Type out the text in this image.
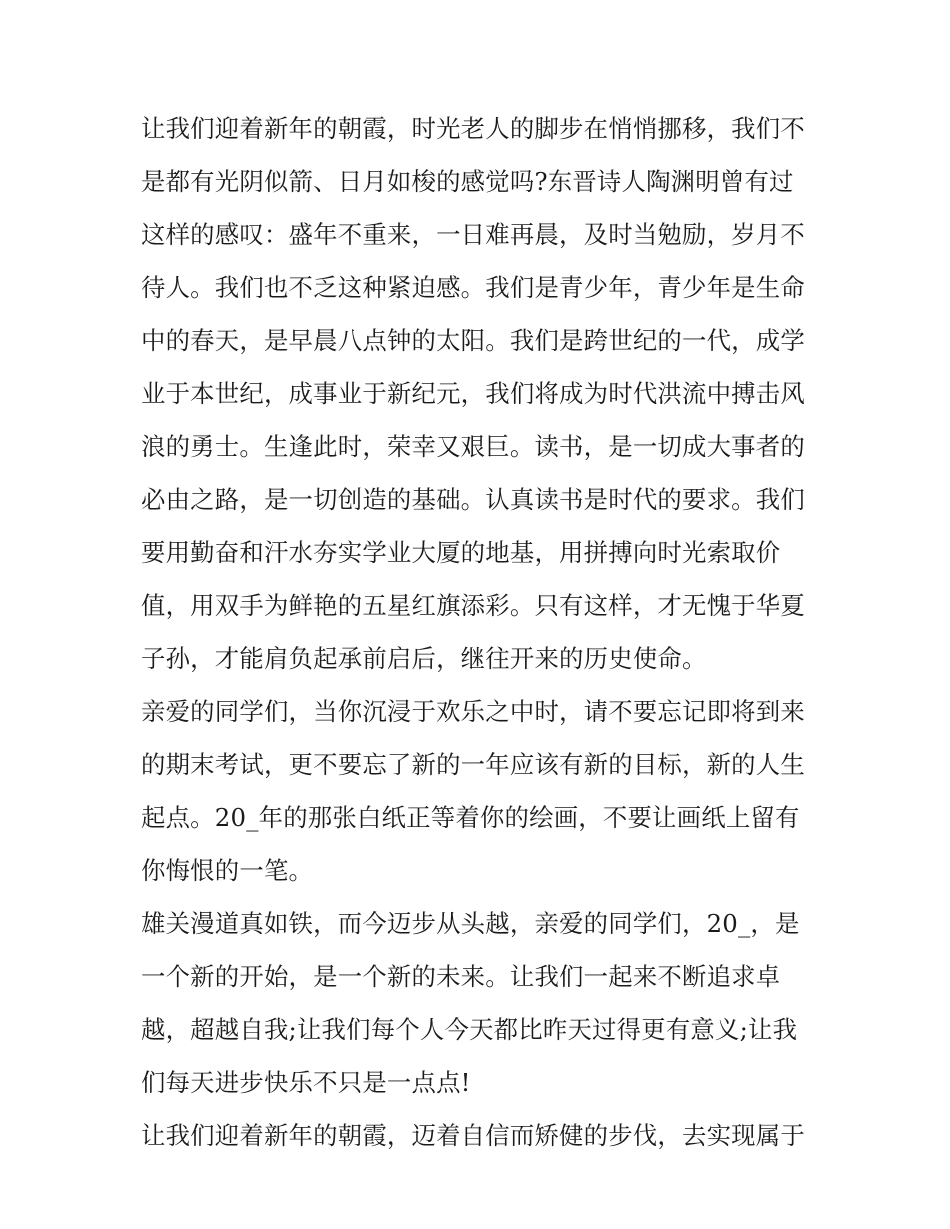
让我们迎着新年的朝霞，时光老人的脚步在悄悄挪移，我们不
是都有光阴似箭、日月如梭的感觉吗?东晋诗人陶渊明曾有过
这样的感叹：盛年不重来，一日难再晨，及时当勉励，岁月不
待人。我们也不乏这种紧迫感。我们是青少年，青少年是生命
中的春天，是早晨八点钟的太阳。我们是跨世纪的一代，成学
业于本世纪，成事业于新纪元，我们将成为时代洪流中搏击风
浪的勇士。生逢此时，荣幸又艰巨。读书，是一切成大事者的
必由之路，是一切创造的基础。认真读书是时代的要求。我们
要用勤奋和汗水夯实学业大厦的地基，用拼搏向时光索取价
值，用双手为鲜艳的五星红旗添彩。只有这样，才无愧于华夏
子孙，才能肩负起承前启后，继往开来的历史使命。
亲爱的同学们，当你沉浸于欢乐之中时，请不要忘记即将到来
的期末考试，更不要忘了新的一年应该有新的目标，新的人生
起点。20_年的那张白纸正等着你的绘画，不要让画纸上留有
你悔恨的一笔。
雄关漫道真如铁，而今迈步从头越，亲爱的同学们，20_，是
一个新的开始，是一个新的未来。让我们一起来不断追求卓
越，超越自我;让我们每个人今天都比昨天过得更有意义;让我
们每天进步快乐不只是一点点!
让我们迎着新年的朝霞，迈着自信而矫健的步伐，去实现属于
